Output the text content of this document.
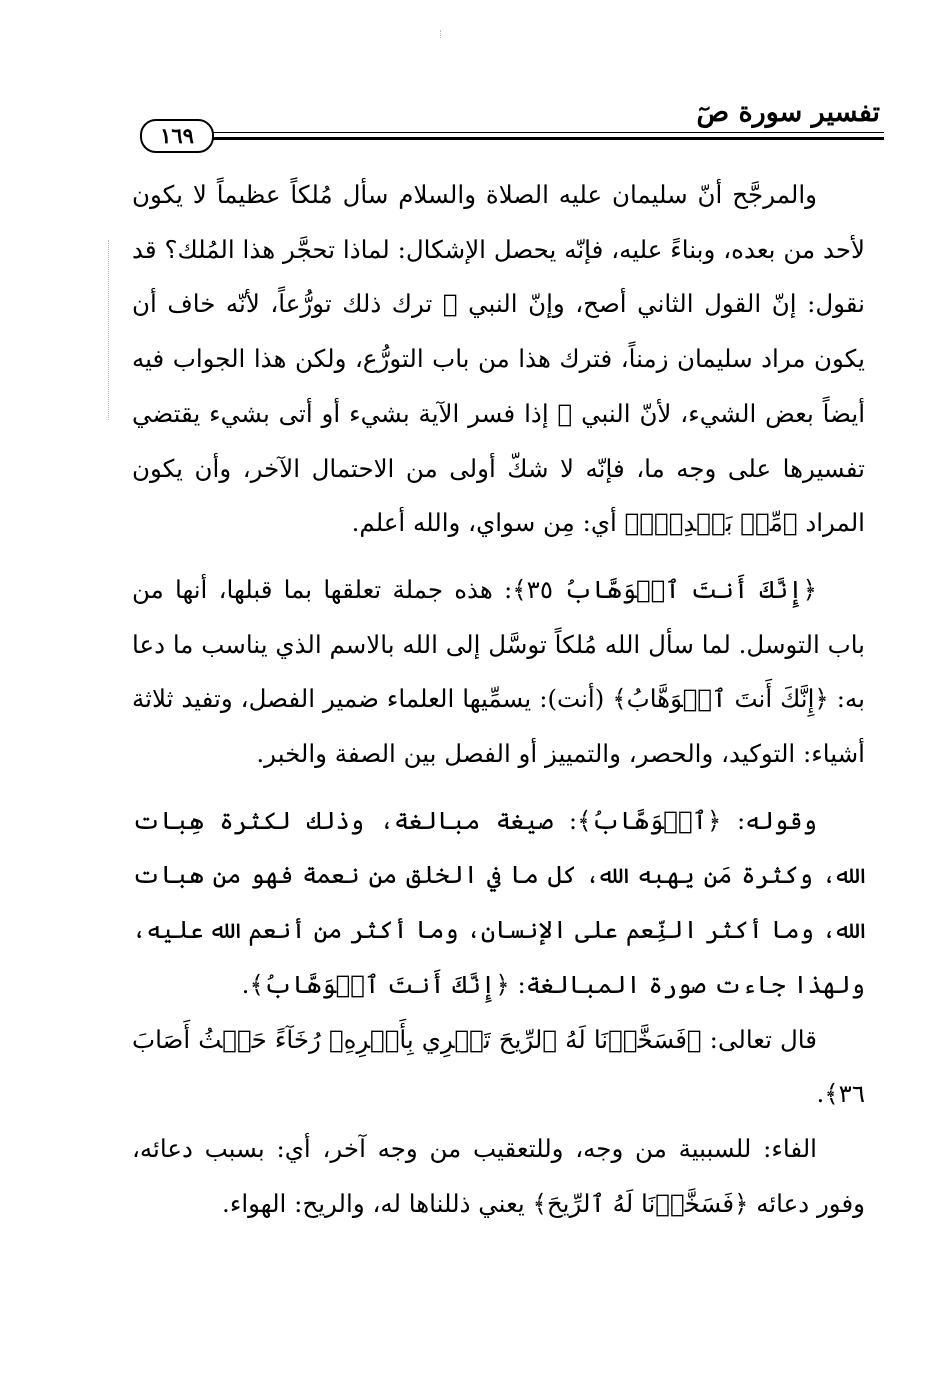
تفسير سورة صٓ
١٦٩

والمرجَّح أنّ سليمان عليه الصلاة والسلام سأل مُلكاً عظيماً لا يكون لأحد من بعده، وبناءً عليه، فإنّه يحصل الإشكال: لماذا تحجَّر هذا المُلك؟ قد نقول: إنّ القول الثاني أصح، وإنّ النبي ﷺ ترك ذلك تورُّعاً، لأنّه خاف أن يكون مراد سليمان زمناً، فترك هذا من باب التورُّع، ولكن هذا الجواب فيه أيضاً بعض الشيء، لأنّ النبي ﷺ إذا فسر الآية بشيء أو أتى بشيء يقتضي تفسيرها على وجه ما، فإنّه لا شكّ أولى من الاحتمال الآخر، وأن يكون المراد ﴿مِّنۢ بَعۡدِيٓۖ﴾ أي: مِن سواي، والله أعلم.

﴿إِنَّكَ أَنتَ ٱلۡوَهَّابُ ٣٥﴾: هذه جملة تعلقها بما قبلها، أنها من باب التوسل. لما سأل الله مُلكاً توسَّل إلى الله بالاسم الذي يناسب ما دعا به: ﴿إِنَّكَ أَنتَ ٱلۡوَهَّابُ﴾ (أنت): يسمِّيها العلماء ضمير الفصل، وتفيد ثلاثة أشياء: التوكيد، والحصر، والتمييز أو الفصل بين الصفة والخبر.

وقوله: ﴿ٱلۡوَهَّابُ﴾: صيغة مبالغة، وذلك لكثرة هِبات الله، وكثرة مَن يهبه الله، كل ما في الخلق من نعمة فهو من هبات الله، وما أكثر النِّعم على الإنسان، وما أكثر من أنعم الله عليه، ولهذا جاءت صورة المبالغة: ﴿إِنَّكَ أَنتَ ٱلۡوَهَّابُ﴾.

قال تعالى: ﴿فَسَخَّرۡنَا لَهُ ٱلرِّيحَ تَجۡرِي بِأَمۡرِهِۦ رُخَآءً حَيۡثُ أَصَابَ ٣٦﴾.

الفاء: للسببية من وجه، وللتعقيب من وجه آخر، أي: بسبب دعائه، وفور دعائه ﴿فَسَخَّرۡنَا لَهُ ٱلرِّيحَ﴾ يعني ذللناها له، والريح: الهواء.
